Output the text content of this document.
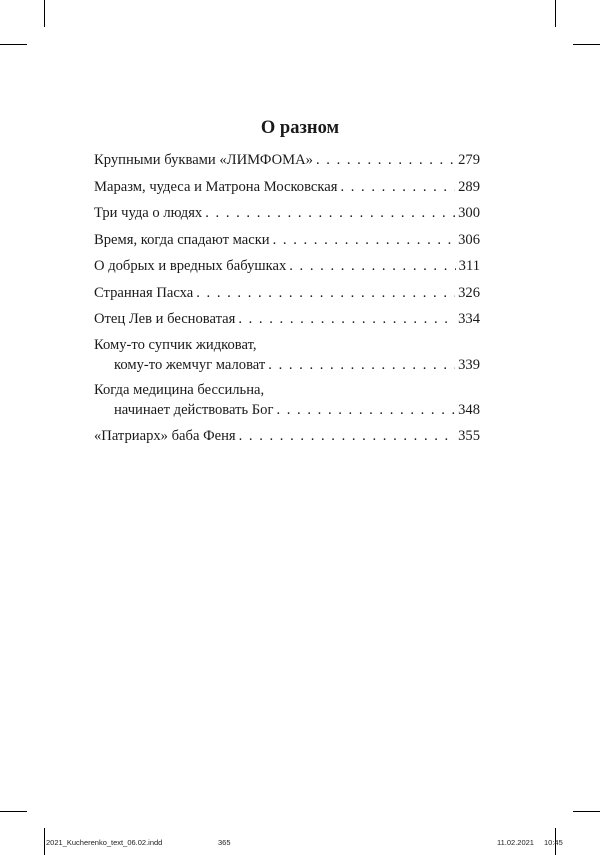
О разном
Крупными буквами «ЛИМФОМА» . . .	279
Маразм, чудеса и Матрона Московская . . .	289
Три чуда о людях . . .	300
Время, когда спадают маски . . .	306
О добрых и вредных бабушках . . .	311
Странная Пасха . . .	326
Отец Лев и бесноватая . . .	334
Кому-то супчик жидковат,
кому-то жемчуг маловат . . .	339
Когда медицина бессильна,
начинает действовать Бог . . .	348
«Патриарх» баба Феня . . .	355
2021_Kucherenko_text_06.02.indd	365	11.02.2021 10:45
